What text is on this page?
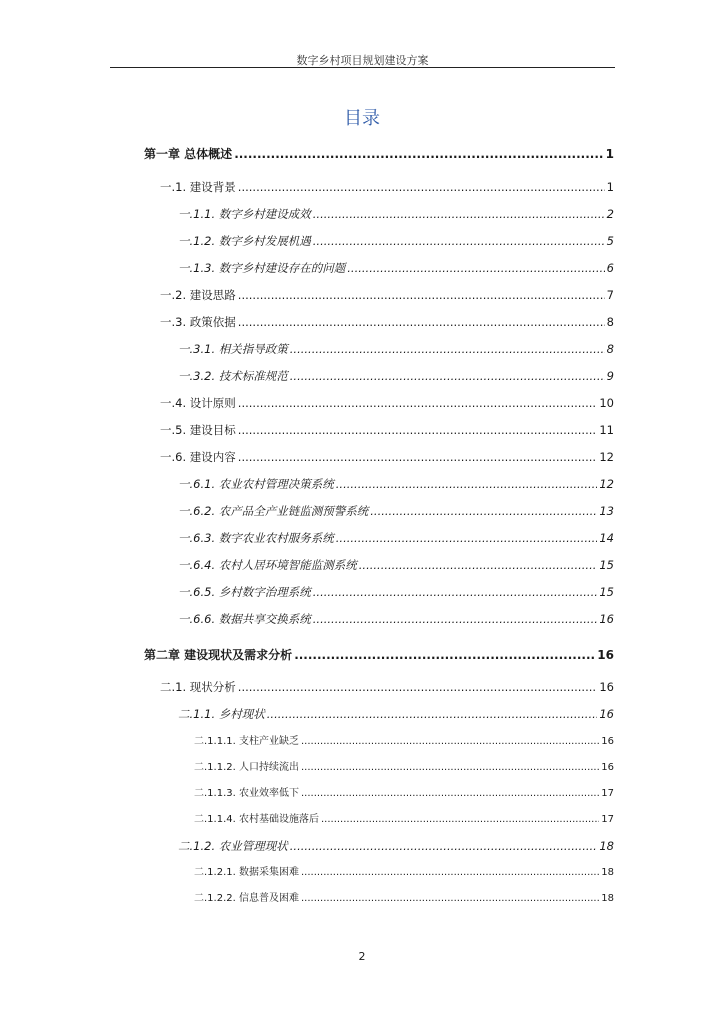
数字乡村项目规划建设方案
目录
第一章 总体概述 .....	1
一.1. 建设背景 .....	1
一.1.1. 数字乡村建设成效 .....	2
一.1.2. 数字乡村发展机遇 .....	5
一.1.3. 数字乡村建设存在的问题 .....	6
一.2. 建设思路 .....	7
一.3. 政策依据 .....	8
一.3.1. 相关指导政策 .....	8
一.3.2. 技术标准规范 .....	9
一.4. 设计原则 .....	10
一.5. 建设目标 .....	11
一.6. 建设内容 .....	12
一.6.1. 农业农村管理决策系统 .....	12
一.6.2. 农产品全产业链监测预警系统 .....	13
一.6.3. 数字农业农村服务系统 .....	14
一.6.4. 农村人居环境智能监测系统 .....	15
一.6.5. 乡村数字治理系统 .....	15
一.6.6. 数据共享交换系统 .....	16
第二章 建设现状及需求分析 .....	16
二.1. 现状分析 .....	16
二.1.1. 乡村现状 .....	16
二.1.1.1. 支柱产业缺乏 .....	16
二.1.1.2. 人口持续流出 .....	16
二.1.1.3. 农业效率低下 .....	17
二.1.1.4. 农村基础设施落后 .....	17
二.1.2. 农业管理现状 .....	18
二.1.2.1. 数据采集困难 .....	18
二.1.2.2. 信息普及困难 .....	18
2
